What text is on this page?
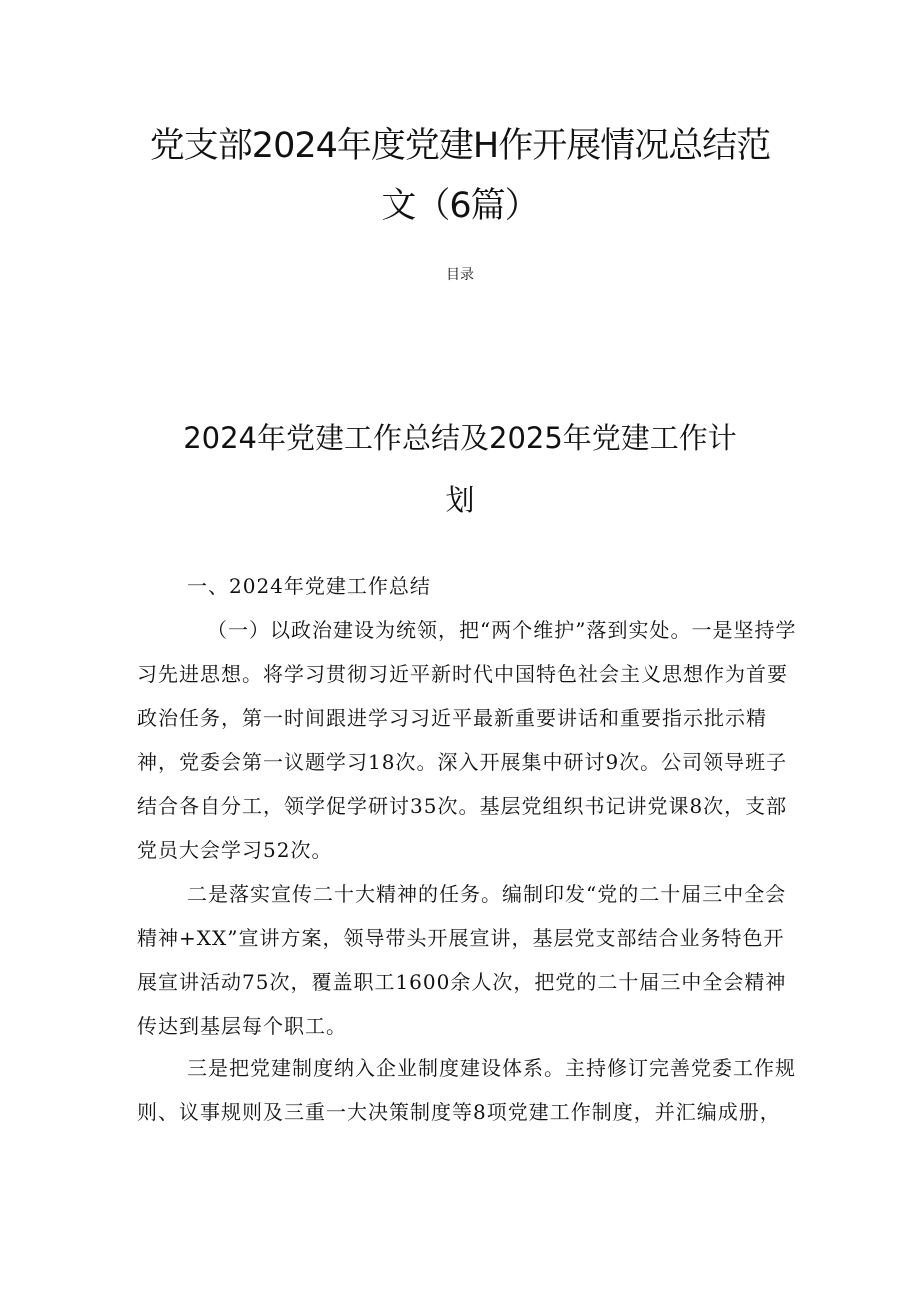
党支部2024年度党建H作开展情况总结范
文（6篇）
目录
2024年党建工作总结及2025年党建工作计
划

一、2024年党建工作总结

（一）以政治建设为统领，把“两个维护”落到实处。一是坚持学习先进思想。将学习贯彻习近平新时代中国特色社会主义思想作为首要政治任务，第一时间跟进学习习近平最新重要讲话和重要指示批示精神，党委会第一议题学习18次。深入开展集中研讨9次。公司领导班子结合各自分工，领学促学研讨35次。基层党组织书记讲党课8次，支部党员大会学习52次。

二是落实宣传二十大精神的任务。编制印发“党的二十届三中全会精神+XX”宣讲方案，领导带头开展宣讲，基层党支部结合业务特色开展宣讲活动75次，覆盖职工1600余人次，把党的二十届三中全会精神传达到基层每个职工。

三是把党建制度纳入企业制度建设体系。主持修订完善党委工作规则、议事规则及三重一大决策制度等8项党建工作制度，并汇编成册，
